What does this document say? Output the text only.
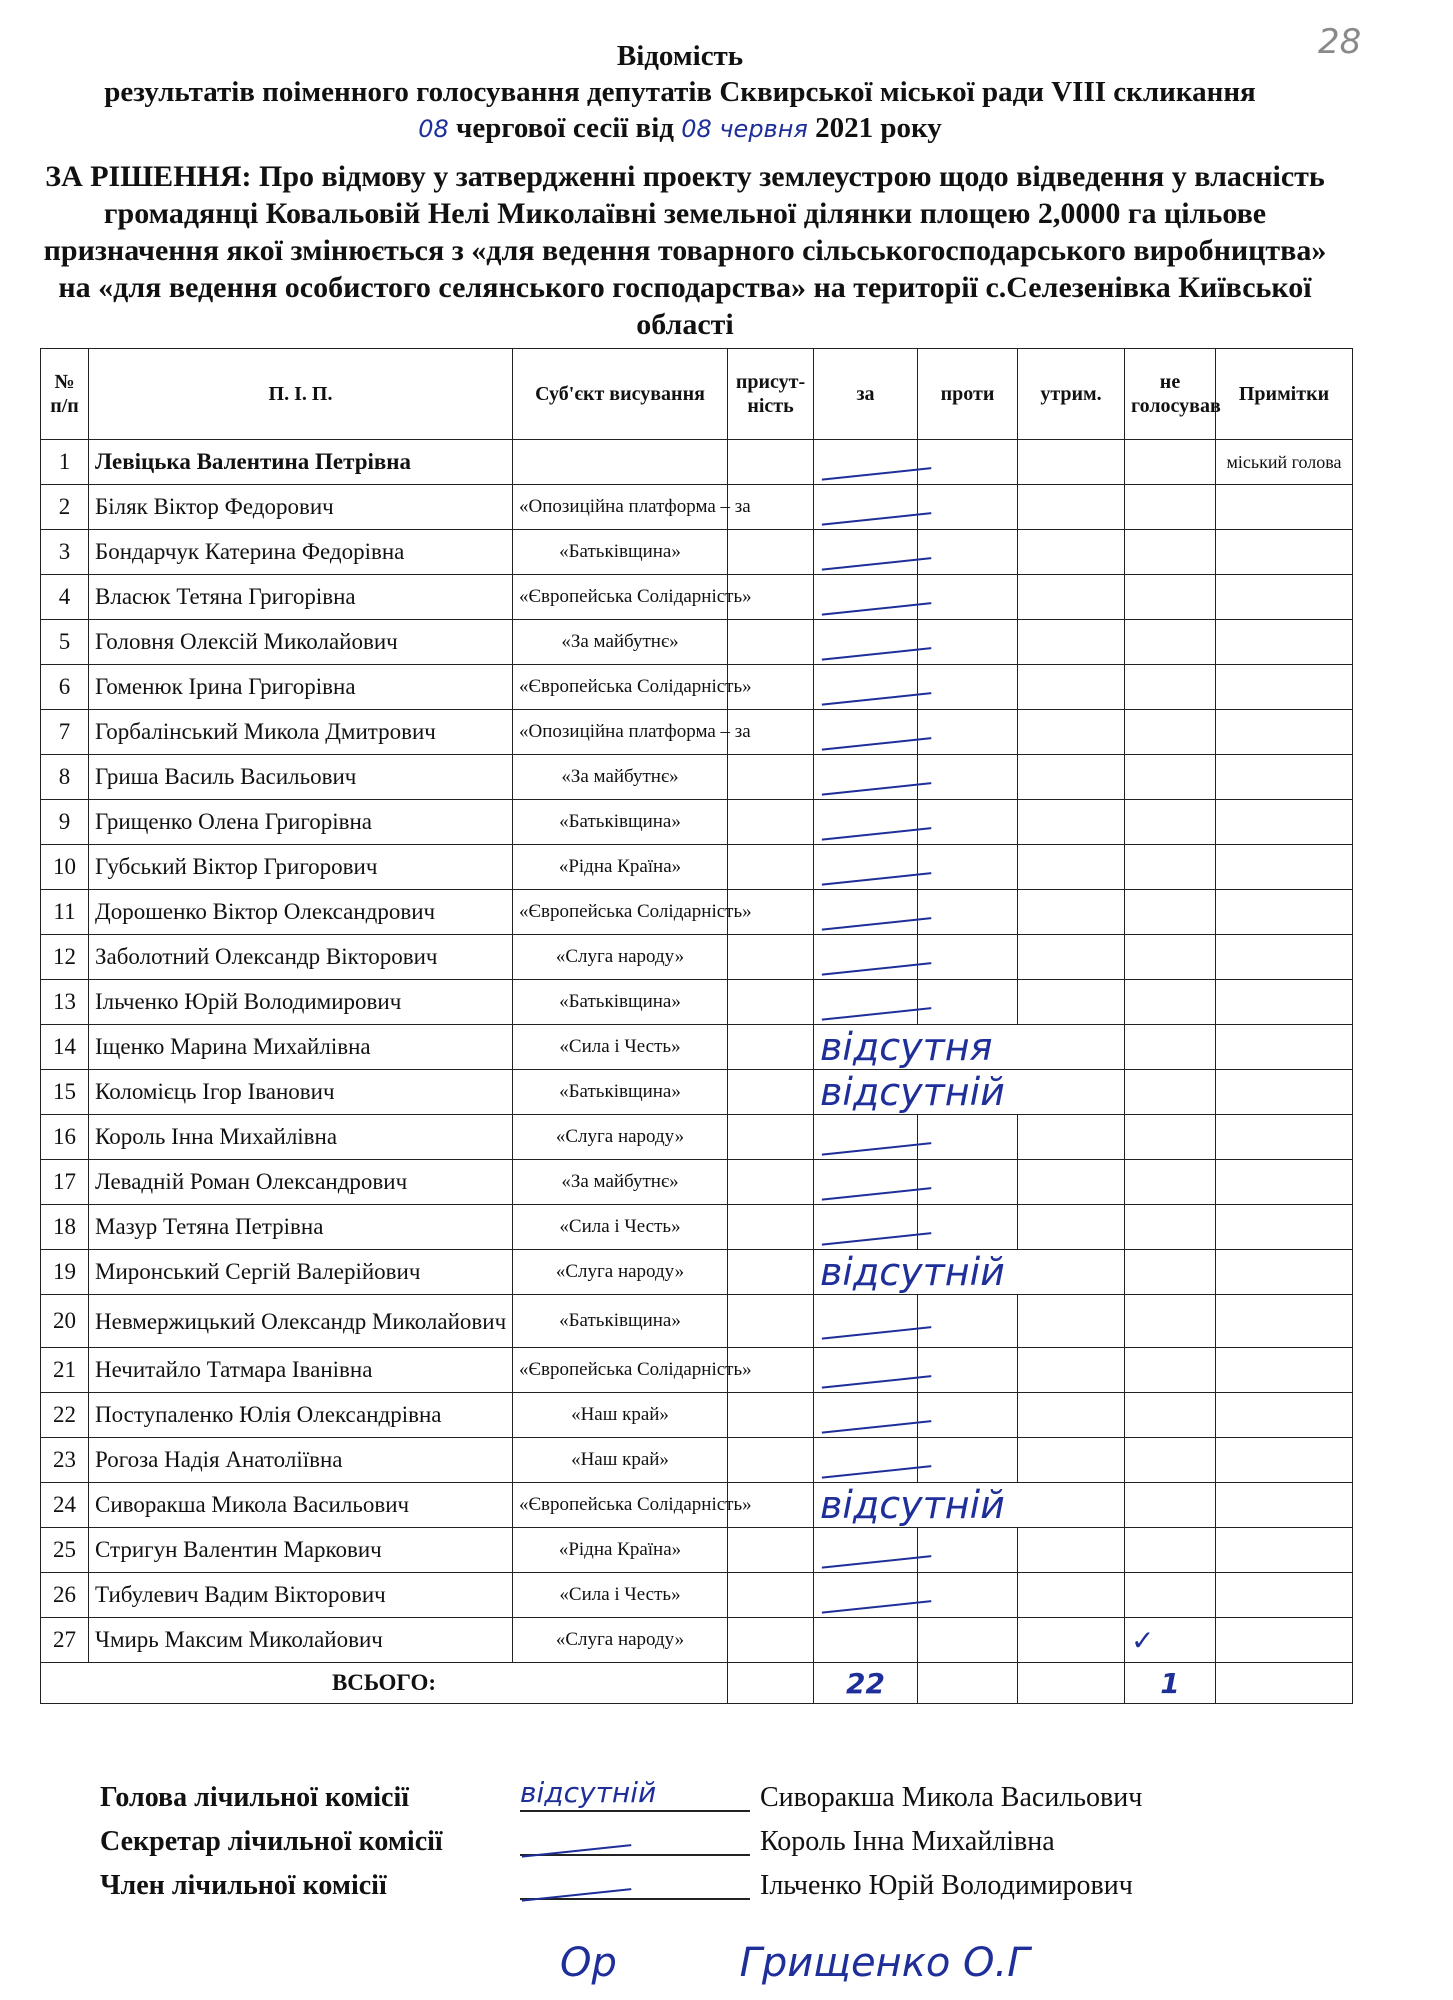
28
Відомість
результатів поіменного голосування депутатів Сквирської міської ради VIII скликання
08 чергової сесії від 08 червня 2021 року
ЗА РІШЕННЯ: Про відмову у затвердженні проекту землеустрою щодо відведення у власність громадянці Ковальовій Нелі Миколаївні земельної ділянки площею 2,0000 га цільове призначення якої змінюється з «для ведення товарного сільськогосподарського виробництва» на «для ведення особистого селянського господарства» на території с.Селезенівка Київської області
№ п/п	П. І. П.	Суб'єкт висування	присут-ність	за	проти	утрим.	не голосував	Примітки
1	Левіцька Валентина Петрівна							міський голова
2	Біляк Віктор Федорович	«Опозиційна платформа – за						
3	Бондарчук Катерина Федорівна	«Батьківщина»						
4	Власюк Тетяна Григорівна	«Європейська Солідарність»						
5	Головня Олексій Миколайович	«За майбутнє»						
6	Гоменюк Ірина Григорівна	«Європейська Солідарність»						
7	Горбалінський Микола Дмитрович	«Опозиційна платформа – за						
8	Гриша Василь Васильович	«За майбутнє»						
9	Грищенко Олена Григорівна	«Батьківщина»						
10	Губський Віктор Григорович	«Рідна Країна»						
11	Дорошенко Віктор Олександрович	«Європейська Солідарність»						
12	Заболотний Олександр Вікторович	«Слуга народу»						
13	Ільченко Юрій Володимирович	«Батьківщина»						
14	Іщенко Марина Михайлівна	«Сила і Честь»		відсутня				
15	Коломієць Ігор Іванович	«Батьківщина»		відсутній				
16	Король Інна Михайлівна	«Слуга народу»						
17	Левадній Роман Олександрович	«За майбутнє»						
18	Мазур Тетяна Петрівна	«Сила і Честь»						
19	Миронський Сергій Валерійович	«Слуга народу»		відсутній				
20	Невмержицький Олександр Миколайович	«Батьківщина»						
21	Нечитайло Татмара Іванівна	«Європейська Солідарність»						
22	Поступаленко Юлія Олександрівна	«Наш край»						
23	Рогоза Надія Анатоліївна	«Наш край»						
24	Сиворакша Микола Васильович	«Європейська Солідарність»		відсутній				
25	Стригун Валентин Маркович	«Рідна Країна»						
26	Тибулевич Вадим Вікторович	«Сила і Честь»						
27	Чмирь Максим Миколайович	«Слуга народу»					✓	
ВСЬОГО:				22			1	
Голова лічильної комісії	відсутній	Сиворакша Микола Васильович
Секретар лічильної комісії	Король Інна Михайлівна
Член лічильної комісії	Ільченко Юрій Володимирович
Ор	Грищенко О.Г
